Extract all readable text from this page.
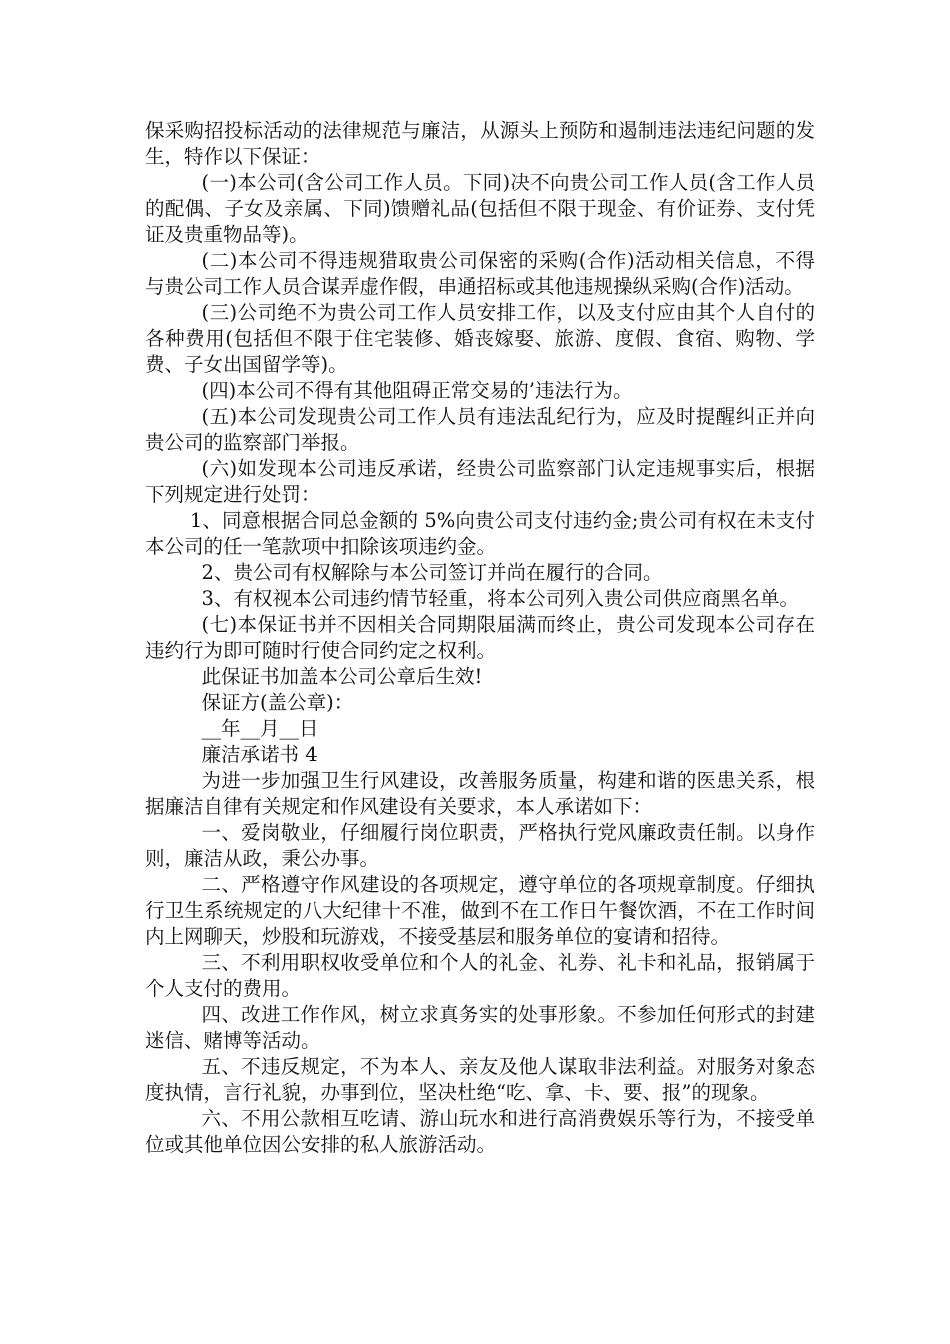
保采购招投标活动的法律规范与廉洁，从源头上预防和遏制违法违纪问题的发生，特作以下保证：

(一)本公司(含公司工作人员。下同)决不向贵公司工作人员(含工作人员的配偶、子女及亲属、下同)馈赠礼品(包括但不限于现金、有价证券、支付凭证及贵重物品等)。

(二)本公司不得违规猎取贵公司保密的采购(合作)活动相关信息，不得与贵公司工作人员合谋弄虚作假，串通招标或其他违规操纵采购(合作)活动。

(三)公司绝不为贵公司工作人员安排工作，以及支付应由其个人自付的各种费用(包括但不限于住宅装修、婚丧嫁娶、旅游、度假、食宿、购物、学费、子女出国留学等)。

(四)本公司不得有其他阻碍正常交易的’违法行为。

(五)本公司发现贵公司工作人员有违法乱纪行为，应及时提醒纠正并向贵公司的监察部门举报。

(六)如发现本公司违反承诺，经贵公司监察部门认定违规事实后，根据下列规定进行处罚：

1、同意根据合同总金额的 5%向贵公司支付违约金;贵公司有权在未支付本公司的任一笔款项中扣除该项违约金。

2、贵公司有权解除与本公司签订并尚在履行的合同。

3、有权视本公司违约情节轻重，将本公司列入贵公司供应商黑名单。

(七)本保证书并不因相关合同期限届满而终止，贵公司发现本公司存在违约行为即可随时行使合同约定之权利。

此保证书加盖本公司公章后生效!

保证方(盖公章)：

__年__月__日

廉洁承诺书 4

为进一步加强卫生行风建设，改善服务质量，构建和谐的医患关系，根据廉洁自律有关规定和作风建设有关要求，本人承诺如下：

一、爱岗敬业，仔细履行岗位职责，严格执行党风廉政责任制。以身作则，廉洁从政，秉公办事。

二、严格遵守作风建设的各项规定，遵守单位的各项规章制度。仔细执行卫生系统规定的八大纪律十不准，做到不在工作日午餐饮酒，不在工作时间内上网聊天，炒股和玩游戏，不接受基层和服务单位的宴请和招待。

三、不利用职权收受单位和个人的礼金、礼券、礼卡和礼品，报销属于个人支付的费用。

四、改进工作作风，树立求真务实的处事形象。不参加任何形式的封建迷信、赌博等活动。

五、不违反规定，不为本人、亲友及他人谋取非法利益。对服务对象态度执情，言行礼貌，办事到位，坚决杜绝“吃、拿、卡、要、报”的现象。

六、不用公款相互吃请、游山玩水和进行高消费娱乐等行为，不接受单位或其他单位因公安排的私人旅游活动。
